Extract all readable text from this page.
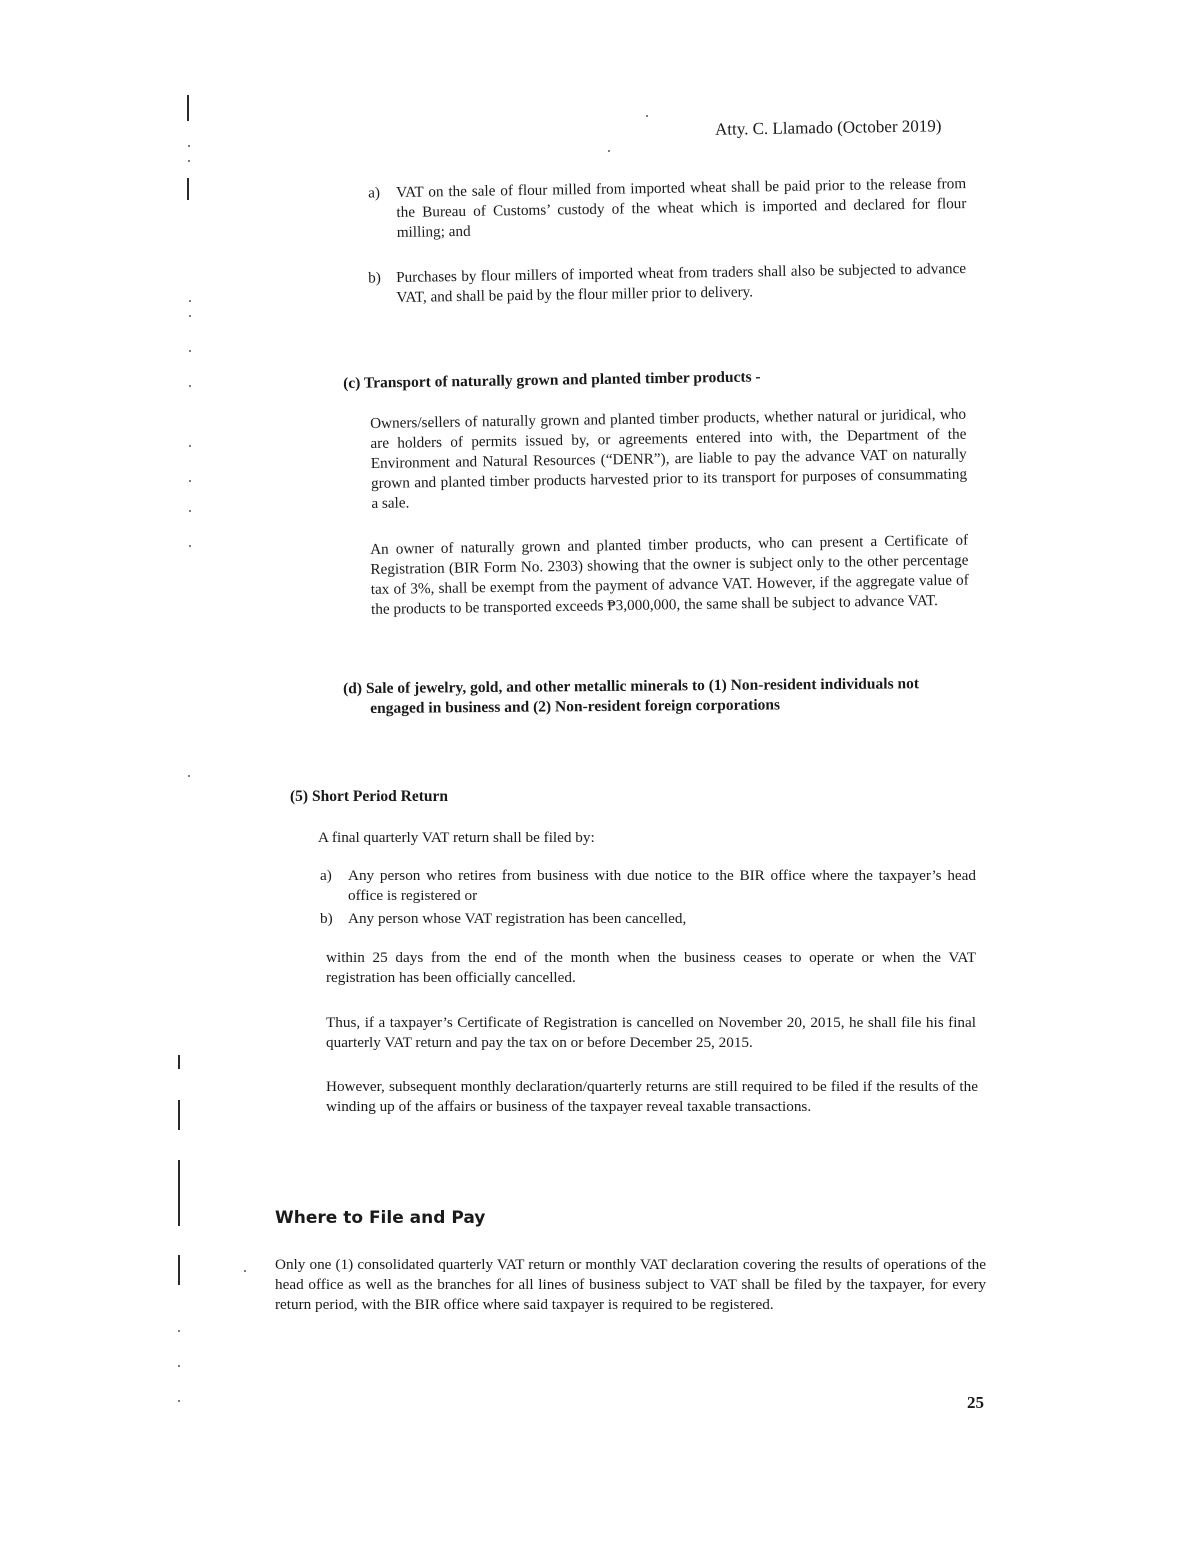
Atty. C. Llamado (October 2019)
a) VAT on the sale of flour milled from imported wheat shall be paid prior to the release from the Bureau of Customs’ custody of the wheat which is imported and declared for flour milling; and
b) Purchases by flour millers of imported wheat from traders shall also be subjected to advance VAT, and shall be paid by the flour miller prior to delivery.
(c) Transport of naturally grown and planted timber products -
Owners/sellers of naturally grown and planted timber products, whether natural or juridical, who are holders of permits issued by, or agreements entered into with, the Department of the Environment and Natural Resources (“DENR”), are liable to pay the advance VAT on naturally grown and planted timber products harvested prior to its transport for purposes of consummating a sale.
An owner of naturally grown and planted timber products, who can present a Certificate of Registration (BIR Form No. 2303) showing that the owner is subject only to the other percentage tax of 3%, shall be exempt from the payment of advance VAT. However, if the aggregate value of the products to be transported exceeds ₱3,000,000, the same shall be subject to advance VAT.
(d) Sale of jewelry, gold, and other metallic minerals to (1) Non-resident individuals not engaged in business and (2) Non-resident foreign corporations
(5) Short Period Return
A final quarterly VAT return shall be filed by:
a) Any person who retires from business with due notice to the BIR office where the taxpayer’s head office is registered or
b) Any person whose VAT registration has been cancelled,
within 25 days from the end of the month when the business ceases to operate or when the VAT registration has been officially cancelled.
Thus, if a taxpayer’s Certificate of Registration is cancelled on November 20, 2015, he shall file his final quarterly VAT return and pay the tax on or before December 25, 2015.
However, subsequent monthly declaration/quarterly returns are still required to be filed if the results of the winding up of the affairs or business of the taxpayer reveal taxable transactions.
Where to File and Pay
Only one (1) consolidated quarterly VAT return or monthly VAT declaration covering the results of operations of the head office as well as the branches for all lines of business subject to VAT shall be filed by the taxpayer, for every return period, with the BIR office where said taxpayer is required to be registered.
25
